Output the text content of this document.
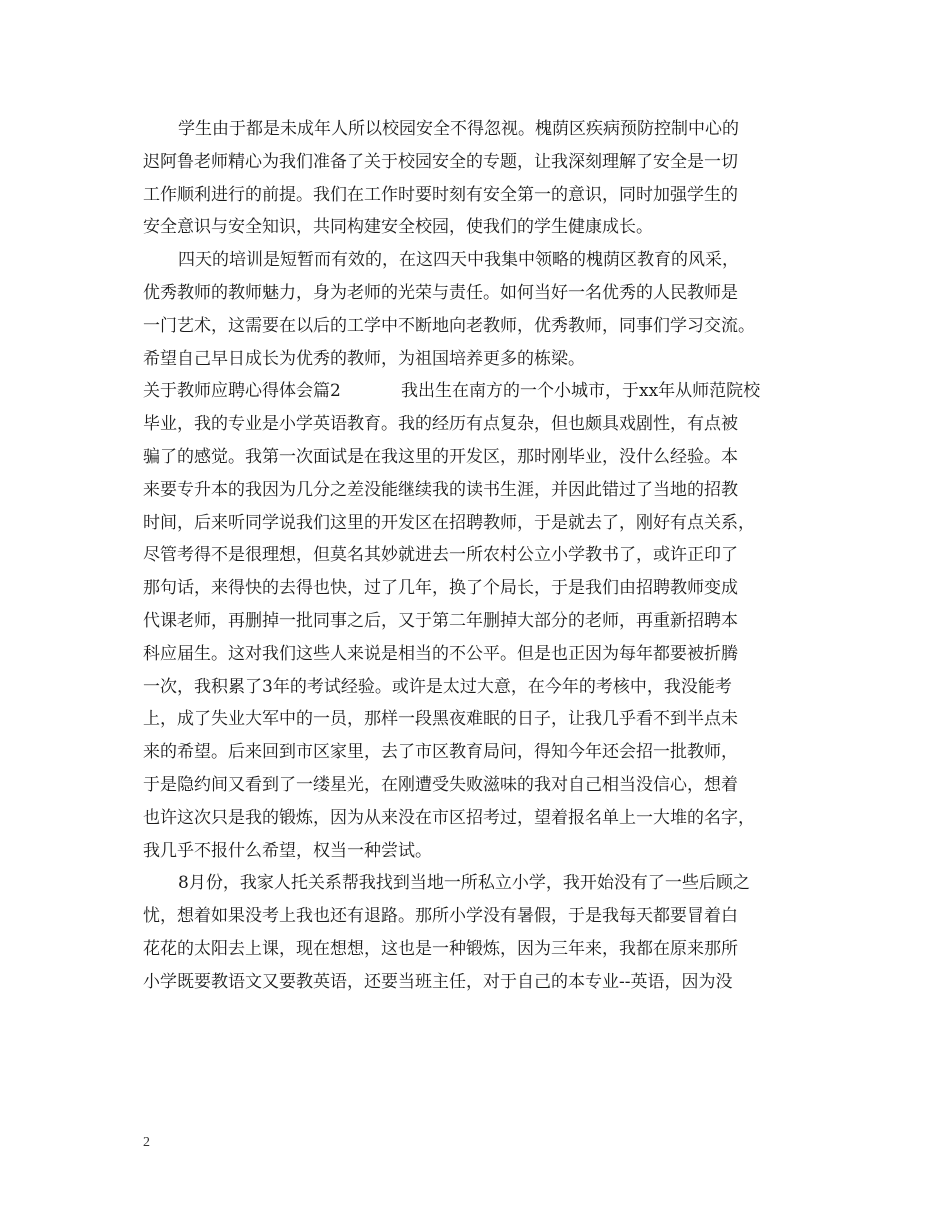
学生由于都是未成年人所以校园安全不得忽视。槐荫区疾病预防控制中心的
迟阿鲁老师精心为我们准备了关于校园安全的专题，让我深刻理解了安全是一切
工作顺利进行的前提。我们在工作时要时刻有安全第一的意识，同时加强学生的
安全意识与安全知识，共同构建安全校园，使我们的学生健康成长。
四天的培训是短暂而有效的，在这四天中我集中领略的槐荫区教育的风采，
优秀教师的教师魅力，身为老师的光荣与责任。如何当好一名优秀的人民教师是
一门艺术，这需要在以后的工学中不断地向老教师，优秀教师，同事们学习交流。
希望自己早日成长为优秀的教师，为祖国培养更多的栋梁。
关于教师应聘心得体会篇2	我出生在南方的一个小城市，于xx年从师范院校
毕业，我的专业是小学英语教育。我的经历有点复杂，但也颇具戏剧性，有点被
骗了的感觉。我第一次面试是在我这里的开发区，那时刚毕业，没什么经验。本
来要专升本的我因为几分之差没能继续我的读书生涯，并因此错过了当地的招教
时间，后来听同学说我们这里的开发区在招聘教师，于是就去了，刚好有点关系，
尽管考得不是很理想，但莫名其妙就进去一所农村公立小学教书了，或许正印了
那句话，来得快的去得也快，过了几年，换了个局长，于是我们由招聘教师变成
代课老师，再删掉一批同事之后，又于第二年删掉大部分的老师，再重新招聘本
科应届生。这对我们这些人来说是相当的不公平。但是也正因为每年都要被折腾
一次，我积累了3年的考试经验。或许是太过大意，在今年的考核中，我没能考
上，成了失业大军中的一员，那样一段黑夜难眠的日子，让我几乎看不到半点未
来的希望。后来回到市区家里，去了市区教育局问，得知今年还会招一批教师，
于是隐约间又看到了一缕星光，在刚遭受失败滋味的我对自己相当没信心，想着
也许这次只是我的锻炼，因为从来没在市区招考过，望着报名单上一大堆的名字，
我几乎不报什么希望，权当一种尝试。
8月份，我家人托关系帮我找到当地一所私立小学，我开始没有了一些后顾之
忧，想着如果没考上我也还有退路。那所小学没有暑假，于是我每天都要冒着白
花花的太阳去上课，现在想想，这也是一种锻炼，因为三年来，我都在原来那所
小学既要教语文又要教英语，还要当班主任，对于自己的本专业--英语，因为没
2
